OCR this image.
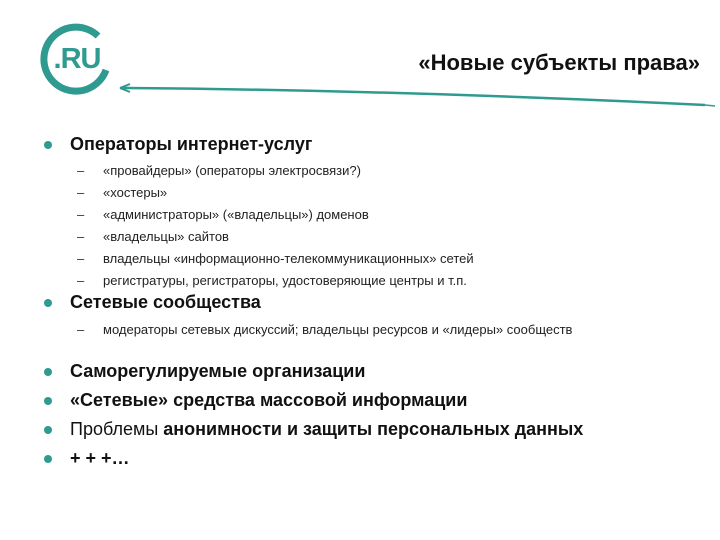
.RU	«Новые субъекты права»
Операторы интернет-услуг
– «провайдеры» (операторы электросвязи?)
– «хостеры»
– «администраторы» («владельцы») доменов
– «владельцы» сайтов
– владельцы «информационно-телекоммуникационных» сетей
– регистратуры, регистраторы, удостоверяющие центры и т.п.
Сетевые сообщества
– модераторы сетевых дискуссий; владельцы ресурсов и «лидеры» сообществ
Саморегулируемые организации
«Сетевые» средства массовой информации
Проблемы анонимности и защиты персональных данных
+ + +…
